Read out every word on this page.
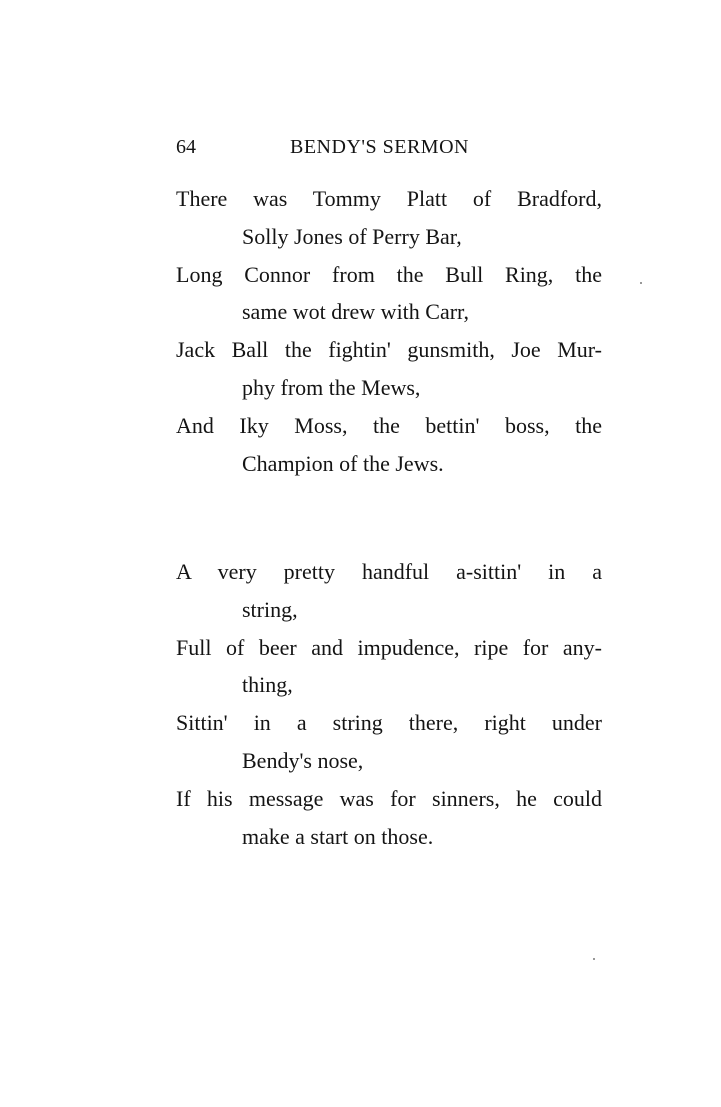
64	BENDY'S SERMON
There was Tommy Platt of Bradford,
Solly Jones of Perry Bar,
Long Connor from the Bull Ring, the
same wot drew with Carr,
Jack Ball the fightin' gunsmith, Joe Mur-
phy from the Mews,
And Iky Moss, the bettin' boss, the
Champion of the Jews.
A very pretty handful a-sittin' in a
string,
Full of beer and impudence, ripe for any-
thing,
Sittin' in a string there, right under
Bendy's nose,
If his message was for sinners, he could
make a start on those.
